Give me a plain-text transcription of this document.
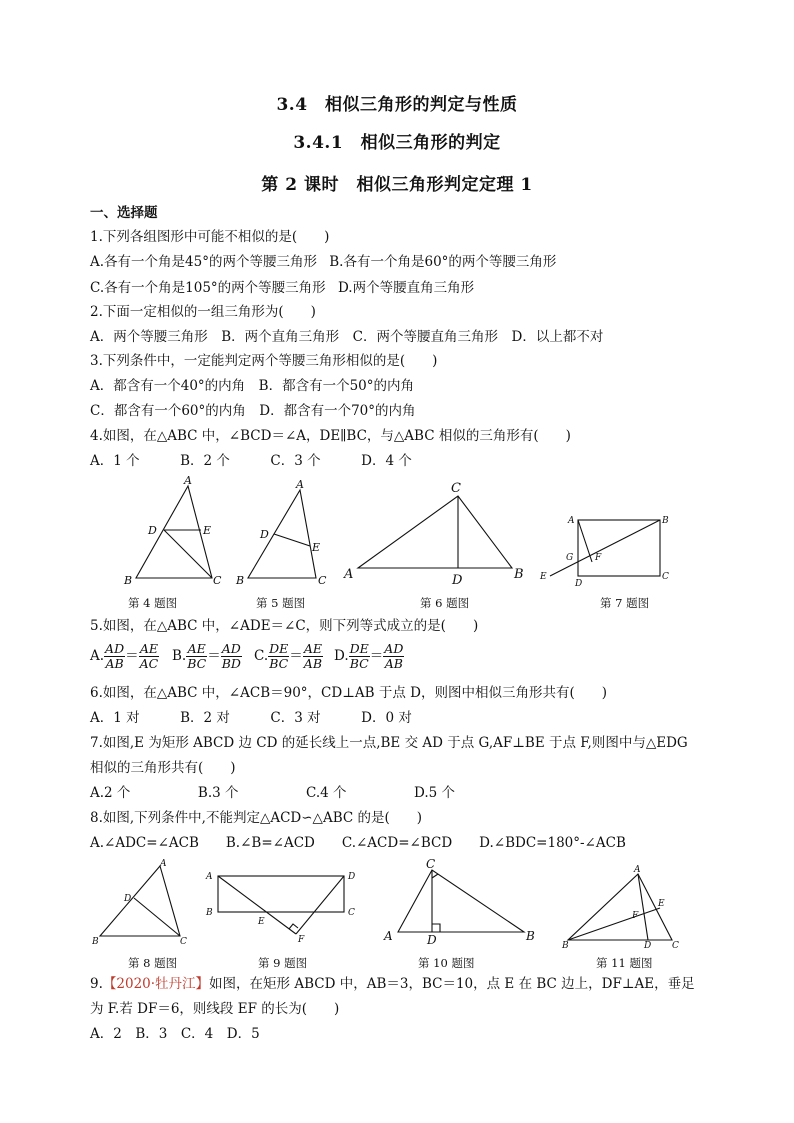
3.4　相似三角形的判定与性质
3.4.1　相似三角形的判定
第 2 课时　相似三角形判定定理 1
一、选择题
1.下列各组图形中可能不相似的是(　　)
A.各有一个角是45°的两个等腰三角形 B.各有一个角是60°的两个等腰三角形
C.各有一个角是105°的两个等腰三角形 D.两个等腰直角三角形
2.下面一定相似的一组三角形为(　　)
A．两个等腰三角形　B．两个直角三角形　C．两个等腰直角三角形　D．以上都不对
3.下列条件中，一定能判定两个等腰三角形相似的是(　　)
A．都含有一个40°的内角　B．都含有一个50°的内角
C．都含有一个60°的内角　D．都含有一个70°的内角
4.如图，在△ABC 中，∠BCD＝∠A，DE∥BC，与△ABC 相似的三角形有(　　)
A．1 个　　　B．2 个　　　C．3 个　　　D．4 个
A
D	E
B	C
第 4 题图
A
D
E
B	C
第 5 题图
C
A	D	B
第 6 题图
A	B
G F
E
D
C
第 7 题图
5.如图，在△ABC 中，∠ADE＝∠C，则下列等式成立的是(　　)
A. $\frac{AD}{AB} = \frac{AE}{AC} B$. $\frac{AE}{BC} = \frac{AD}{BD} C$. $\frac{DE}{BC} = \frac{AE}{AB} D$. $\frac{DE}{BC} = \frac{AD}{AB}$
6.如图，在△ABC 中，∠ACB＝90°，CD⊥AB 于点 D，则图中相似三角形共有(　　)
A．1 对　　　B．2 对　　　C．3 对　　　D．0 对
7.如图,E 为矩形 ABCD 边 CD 的延长线上一点,BE 交 AD 于点 G,AF⊥BE 于点 F,则图中与△EDG
相似的三角形共有(　　)
A.2 个　　　　　B.3 个　　　　　C.4 个　　　　　D.5 个
8.如图,下列条件中,不能判定△ACD∽△ABC 的是(　　)
A.∠ADC=∠ACB　　B.∠B=∠ACD　　C.∠ACD=∠BCD　　D.∠BDC=180°-∠ACB
A
D
B	C
第 8 题图
A	D
B	C
E
F
第 9 题图
C
A	D	B
第 10 题图
A
E
F
B	D C
第 11 题图
9.【2020·牡丹江】如图，在矩形 ABCD 中，AB＝3，BC＝10，点 E 在 BC 边上，DF⊥AE，垂足
为 F.若 DF＝6，则线段 EF 的长为(　　)
A．2　B．3　C．4　D．5
